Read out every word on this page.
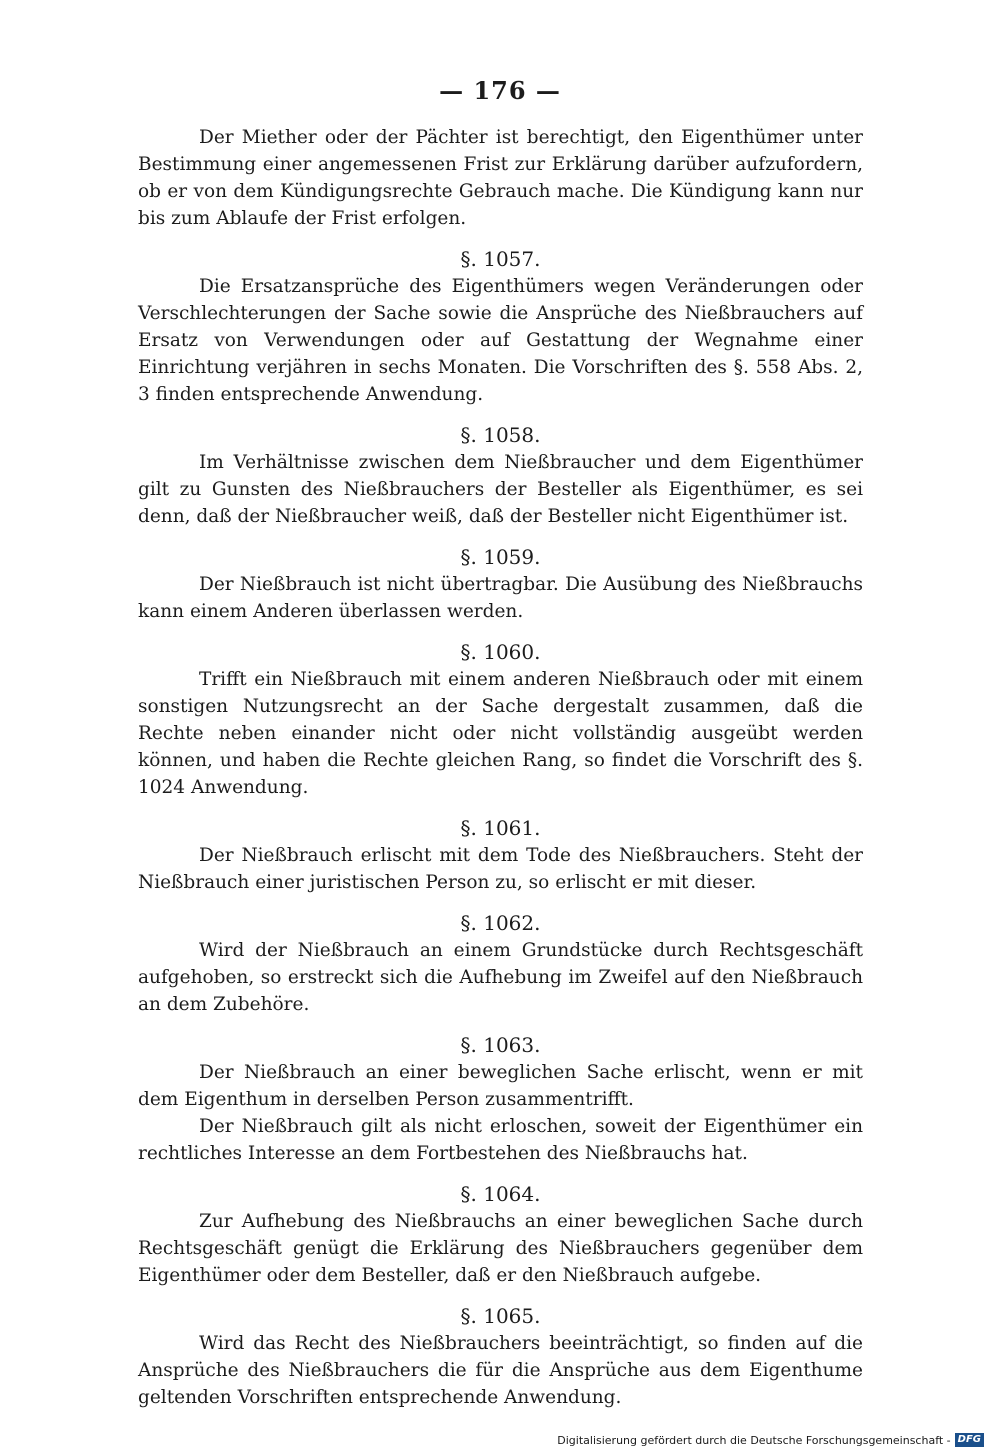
— 176 —

Der Miether oder der Pächter ist berechtigt, den Eigenthümer unter Bestimmung einer angemessenen Frist zur Erklärung darüber aufzufordern, ob er von dem Kündigungsrechte Gebrauch mache. Die Kündigung kann nur bis zum Ablaufe der Frist erfolgen.

§. 1057.

Die Ersatzansprüche des Eigenthümers wegen Veränderungen oder Verschlechterungen der Sache sowie die Ansprüche des Nießbrauchers auf Ersatz von Verwendungen oder auf Gestattung der Wegnahme einer Einrichtung verjähren in sechs Monaten. Die Vorschriften des §. 558 Abs. 2, 3 finden entsprechende Anwendung.

§. 1058.

Im Verhältnisse zwischen dem Nießbraucher und dem Eigenthümer gilt zu Gunsten des Nießbrauchers der Besteller als Eigenthümer, es sei denn, daß der Nießbraucher weiß, daß der Besteller nicht Eigenthümer ist.

§. 1059.

Der Nießbrauch ist nicht übertragbar. Die Ausübung des Nießbrauchs kann einem Anderen überlassen werden.

§. 1060.

Trifft ein Nießbrauch mit einem anderen Nießbrauch oder mit einem sonstigen Nutzungsrecht an der Sache dergestalt zusammen, daß die Rechte neben einander nicht oder nicht vollständig ausgeübt werden können, und haben die Rechte gleichen Rang, so findet die Vorschrift des §. 1024 Anwendung.

§. 1061.

Der Nießbrauch erlischt mit dem Tode des Nießbrauchers. Steht der Nießbrauch einer juristischen Person zu, so erlischt er mit dieser.

§. 1062.

Wird der Nießbrauch an einem Grundstücke durch Rechtsgeschäft aufgehoben, so erstreckt sich die Aufhebung im Zweifel auf den Nießbrauch an dem Zubehöre.

§. 1063.

Der Nießbrauch an einer beweglichen Sache erlischt, wenn er mit dem Eigenthum in derselben Person zusammentrifft.

Der Nießbrauch gilt als nicht erloschen, soweit der Eigenthümer ein rechtliches Interesse an dem Fortbestehen des Nießbrauchs hat.

§. 1064.

Zur Aufhebung des Nießbrauchs an einer beweglichen Sache durch Rechtsgeschäft genügt die Erklärung des Nießbrauchers gegenüber dem Eigenthümer oder dem Besteller, daß er den Nießbrauch aufgebe.

§. 1065.

Wird das Recht des Nießbrauchers beeinträchtigt, so finden auf die Ansprüche des Nießbrauchers die für die Ansprüche aus dem Eigenthume geltenden Vorschriften entsprechende Anwendung.

Digitalisierung gefördert durch die Deutsche Forschungsgemeinschaft - DFG
